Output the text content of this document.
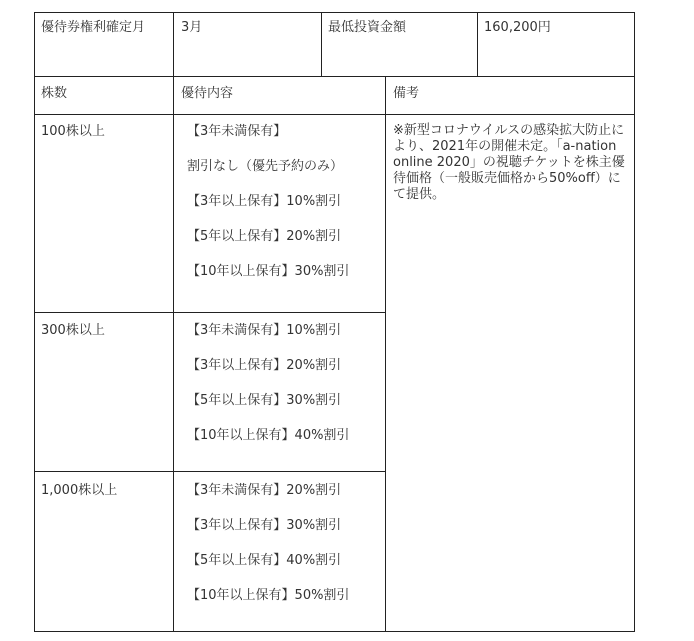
優待券権利確定月	3月	最低投資金額	160,200円
株数	優待内容	備考
100株以上	【3年未満保有】
割引なし（優先予約のみ）
【3年以上保有】10%割引
【5年以上保有】20%割引
【10年以上保有】30%割引
300株以上	【3年未満保有】10%割引
【3年以上保有】20%割引
【5年以上保有】30%割引
【10年以上保有】40%割引
1,000株以上	【3年未満保有】20%割引
【3年以上保有】30%割引
【5年以上保有】40%割引
【10年以上保有】50%割引
※新型コロナウイルスの感染拡大防止により、2021年の開催未定。「a-nation online 2020」の視聴チケットを株主優待価格（一般販売価格から50%off）にて提供。
